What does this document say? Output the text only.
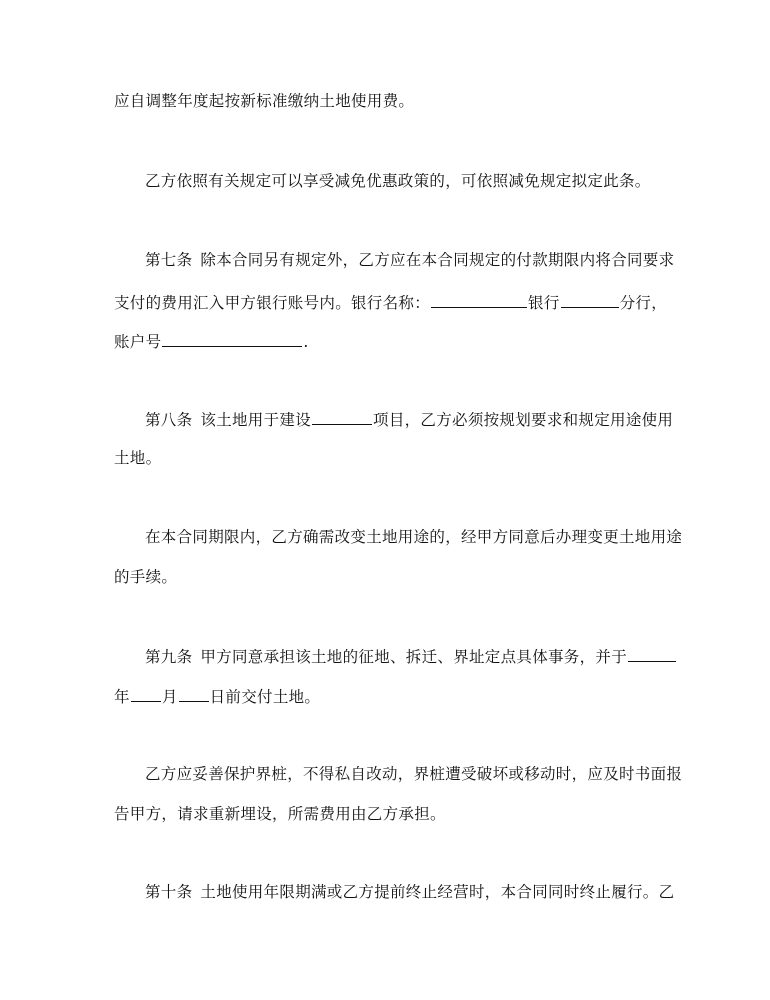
应自调整年度起按新标准缴纳土地使用费。
乙方依照有关规定可以享受减免优惠政策的，可依照减免规定拟定此条。
第七条 除本合同另有规定外，乙方应在本合同规定的付款期限内将合同要求
支付的费用汇入甲方银行账号内。银行名称：	银行	分行，
账户号	.
第八条 该土地用于建设	项目，乙方必须按规划要求和规定用途使用
土地。
在本合同期限内，乙方确需改变土地用途的，经甲方同意后办理变更土地用途
的手续。
第九条 甲方同意承担该土地的征地、拆迁、界址定点具体事务，并于
年 月 日前交付土地。
乙方应妥善保护界桩，不得私自改动，界桩遭受破坏或移动时，应及时书面报
告甲方，请求重新埋设，所需费用由乙方承担。
第十条 土地使用年限期满或乙方提前终止经营时，本合同同时终止履行。乙
